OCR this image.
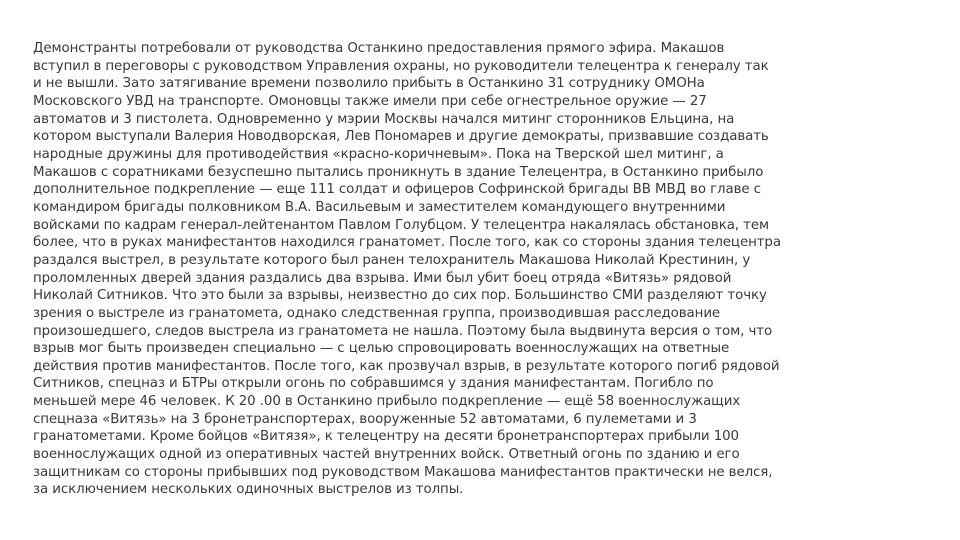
Демонстранты потребовали от руководства Останкино предоставления прямого эфира. Макашов
вступил в переговоры с руководством Управления охраны, но руководители телецентра к генералу так
и не вышли. Зато затягивание времени позволило прибыть в Останкино 31 сотруднику ОМОНа
Московского УВД на транспорте. Омоновцы также имели при себе огнестрельное оружие — 27
автоматов и 3 пистолета. Одновременно у мэрии Москвы начался митинг сторонников Ельцина, на
котором выступали Валерия Новодворская, Лев Пономарев и другие демократы, призвавшие создавать
народные дружины для противодействия «красно-коричневым». Пока на Тверской шел митинг, а
Макашов с соратниками безуспешно пытались проникнуть в здание Телецентра, в Останкино прибыло
дополнительное подкрепление — еще 111 солдат и офицеров Софринской бригады ВВ МВД во главе с
командиром бригады полковником В.А. Васильевым и заместителем командующего внутренними
войсками по кадрам генерал-лейтенантом Павлом Голубцом. У телецентра накалялась обстановка, тем
более, что в руках манифестантов находился гранатомет. После того, как со стороны здания телецентра
раздался выстрел, в результате которого был ранен телохранитель Макашова Николай Крестинин, у
проломленных дверей здания раздались два взрыва. Ими был убит боец отряда «Витязь» рядовой
Николай Ситников. Что это были за взрывы, неизвестно до сих пор. Большинство СМИ разделяют точку
зрения о выстреле из гранатомета, однако следственная группа, производившая расследование
произошедшего, следов выстрела из гранатомета не нашла. Поэтому была выдвинута версия о том, что
взрыв мог быть произведен специально — с целью спровоцировать военнослужащих на ответные
действия против манифестантов. После того, как прозвучал взрыв, в результате которого погиб рядовой
Ситников, спецназ и БТРы открыли огонь по собравшимся у здания манифестантам. Погибло по
меньшей мере 46 человек. К 20 .00 в Останкино прибыло подкрепление — ещё 58 военнослужащих
спецназа «Витязь» на 3 бронетранспортерах, вооруженные 52 автоматами, 6 пулеметами и 3
гранатометами. Кроме бойцов «Витязя», к телецентру на десяти бронетранспортерах прибыли 100
военнослужащих одной из оперативных частей внутренних войск. Ответный огонь по зданию и его
защитникам со стороны прибывших под руководством Макашова манифестантов практически не велся,
за исключением нескольких одиночных выстрелов из толпы.
